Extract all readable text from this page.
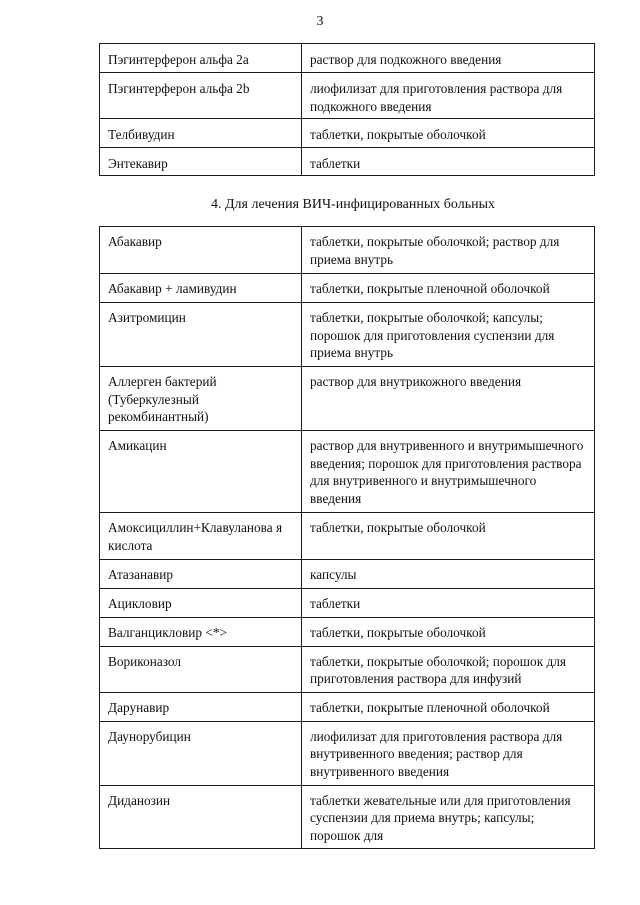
3
Пэгинтерферон альфа 2a	раствор для подкожного введения
Пэгинтерферон альфа 2b	лиофилизат для приготовления раствора для подкожного введения
Телбивудин	таблетки, покрытые оболочкой
Энтекавир	таблетки
4. Для лечения ВИЧ-инфицированных больных
Абакавир	таблетки, покрытые оболочкой; раствор для приема внутрь
Абакавир + ламивудин	таблетки, покрытые пленочной оболочкой
Азитромицин	таблетки, покрытые оболочкой; капсулы; порошок для приготовления суспензии для приема внутрь
Аллерген бактерий (Туберкулезный рекомбинантный)	раствор для внутрикожного введения
Амикацин	раствор для внутривенного и внутримышечного введения; порошок для приготовления раствора для внутривенного и внутримышечного введения
Амоксициллин+Клавуланова я кислота	таблетки, покрытые оболочкой
Атазанавир	капсулы
Ацикловир	таблетки
Валганцикловир <*>	таблетки, покрытые оболочкой
Вориконазол	таблетки, покрытые оболочкой; порошок для приготовления раствора для инфузий
Дарунавир	таблетки, покрытые пленочной оболочкой
Даунорубицин	лиофилизат для приготовления раствора для внутривенного введения; раствор для внутривенного введения
Диданозин	таблетки жевательные или для приготовления суспензии для приема внутрь; капсулы; порошок для
